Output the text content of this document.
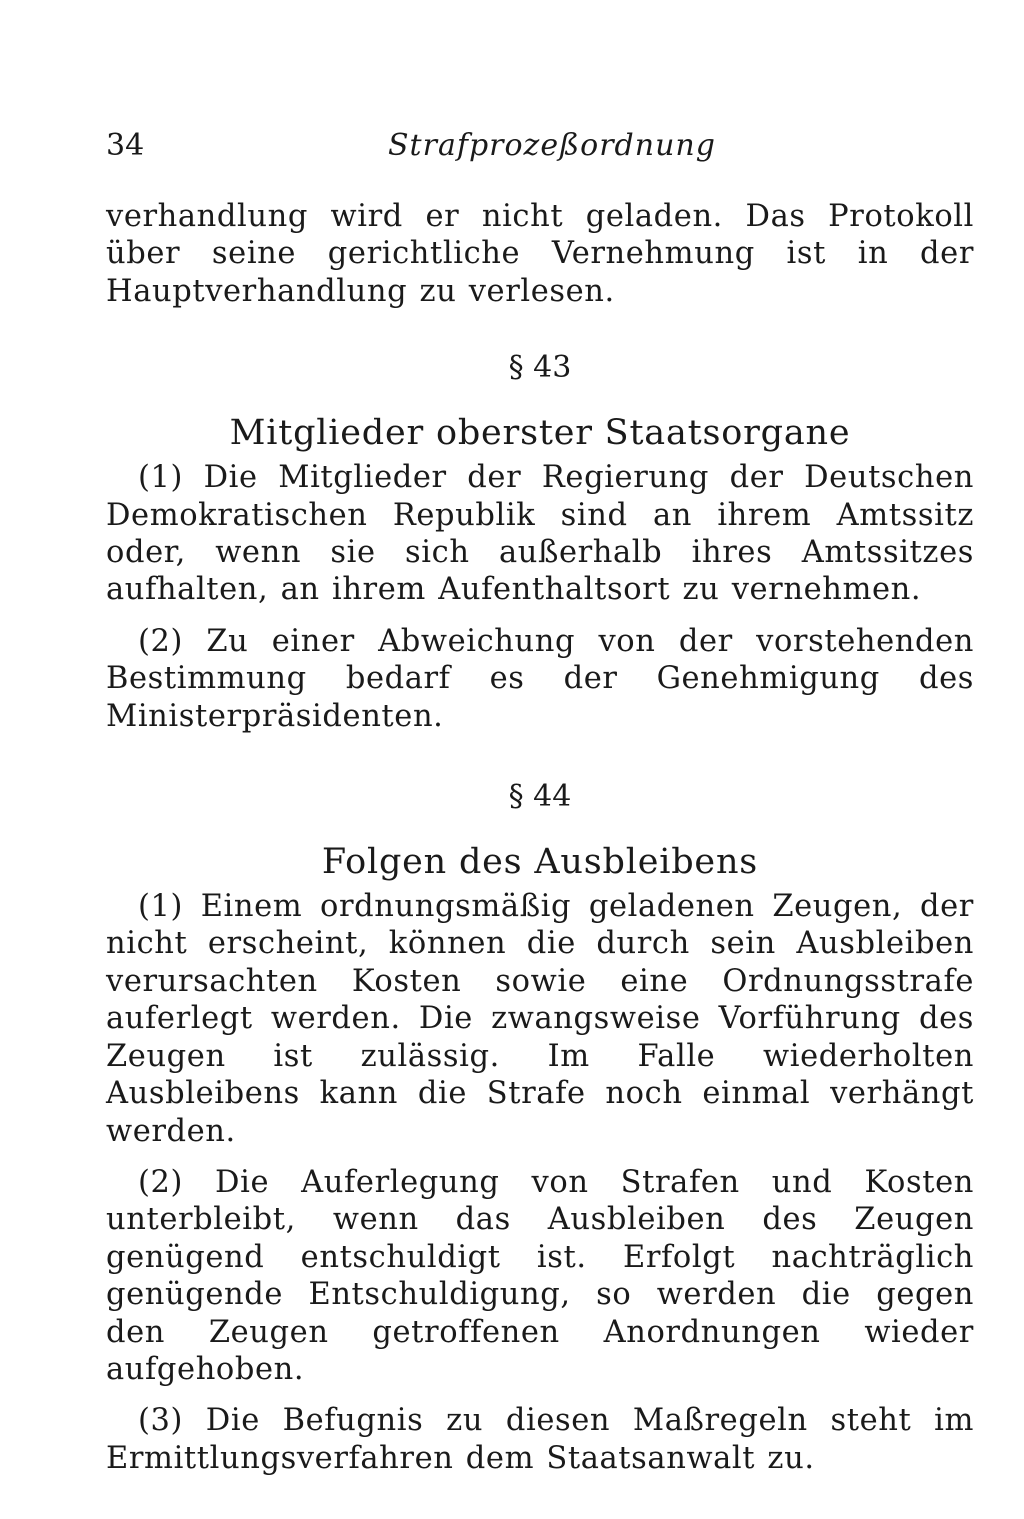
34	Strafprozeßordnung

verhandlung wird er nicht geladen. Das Protokoll über seine gerichtliche Vernehmung ist in der Hauptverhandlung zu verlesen.

§ 43

Mitglieder oberster Staatsorgane

(1) Die Mitglieder der Regierung der Deutschen Demokratischen Republik sind an ihrem Amtssitz oder, wenn sie sich außerhalb ihres Amtssitzes aufhalten, an ihrem Aufenthaltsort zu vernehmen.

(2) Zu einer Abweichung von der vorstehenden Bestimmung bedarf es der Genehmigung des Ministerpräsidenten.

§ 44

Folgen des Ausbleibens

(1) Einem ordnungsmäßig geladenen Zeugen, der nicht erscheint, können die durch sein Ausbleiben verursachten Kosten sowie eine Ordnungsstrafe auferlegt werden. Die zwangsweise Vorführung des Zeugen ist zulässig. Im Falle wiederholten Ausbleibens kann die Strafe noch einmal verhängt werden.

(2) Die Auferlegung von Strafen und Kosten unterbleibt, wenn das Ausbleiben des Zeugen genügend entschuldigt ist. Erfolgt nachträglich genügende Entschuldigung, so werden die gegen den Zeugen getroffenen Anordnungen wieder aufgehoben.

(3) Die Befugnis zu diesen Maßregeln steht im Ermittlungsverfahren dem Staatsanwalt zu.
